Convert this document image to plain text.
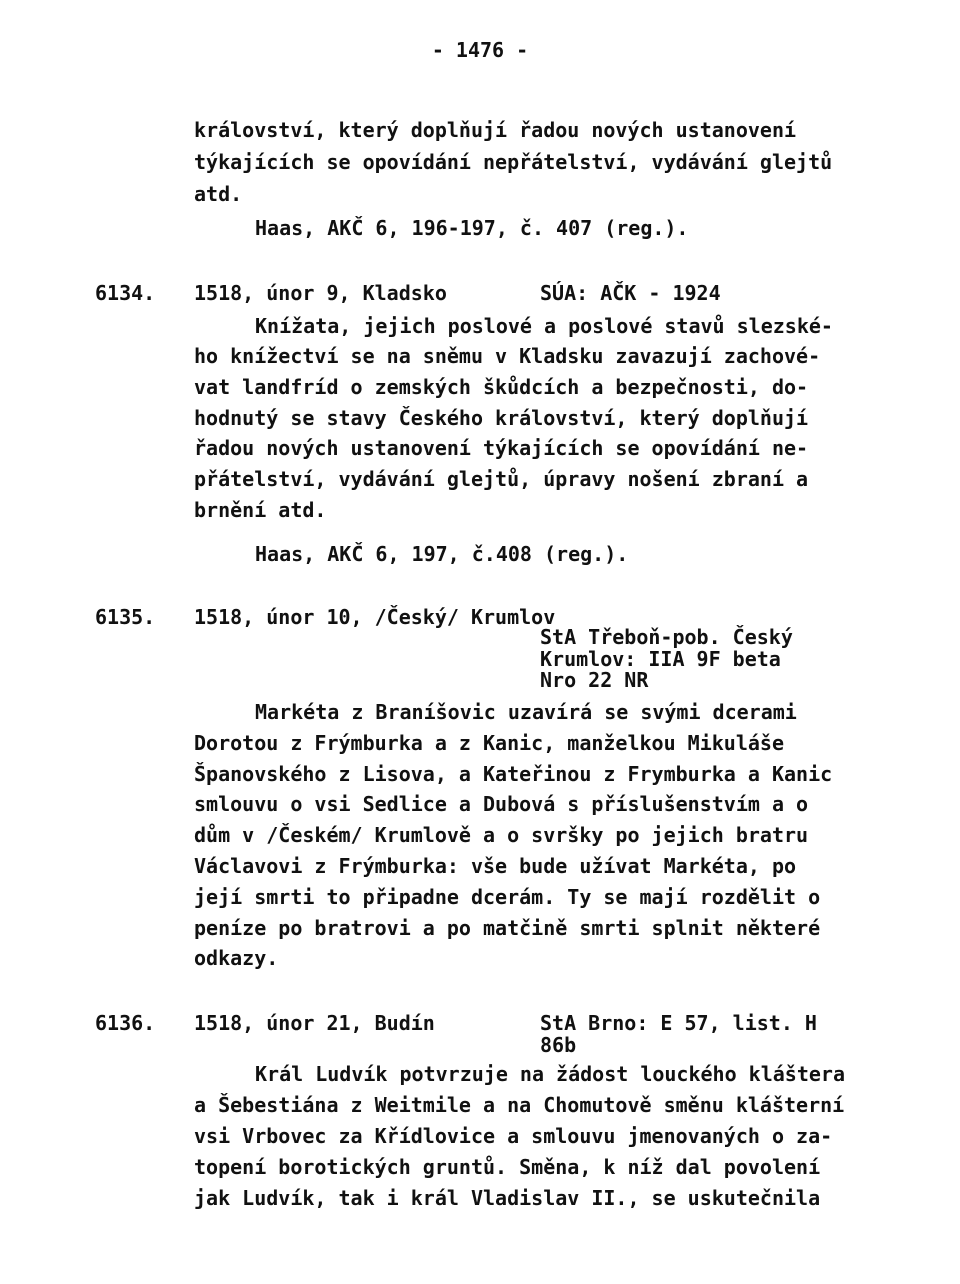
- 1476 -
království, který doplňují řadou nových ustanovení
týkajících se opovídání nepřátelství, vydávání glejtů
atd.
Haas, AKČ 6, 196-197, č. 407 (reg.).
6134. 1518, únor 9, Kladsko	SÚA: AČK - 1924
Knížata, jejich poslové a poslové stavů slezské-
ho knížectví se na sněmu v Kladsku zavazují zachové-
vat landfríd o zemských škůdcích a bezpečnosti, do-
hodnutý se stavy Českého království, který doplňují
řadou nových ustanovení týkajících se opovídání ne-
přátelství, vydávání glejtů, úpravy nošení zbraní a
brnění atd.
Haas, AKČ 6, 197, č.408 (reg.).
6135. 1518, únor 10, /Český/ Krumlov
StA Třeboň-pob. Český
Krumlov: IIA 9F beta
Nro 22 NR
Markéta z Braníšovic uzavírá se svými dcerami
Dorotou z Frýmburka a z Kanic, manželkou Mikuláše
Španovského z Lisova, a Kateřinou z Frymburka a Kanic
smlouvu o vsi Sedlice a Dubová s příslušenstvím a o
dům v /Českém/ Krumlově a o svršky po jejich bratru
Václavovi z Frýmburka: vše bude užívat Markéta, po
její smrti to připadne dcerám. Ty se mají rozdělit o
peníze po bratrovi a po matčině smrti splnit některé
odkazy.
6136. 1518, únor 21, Budín	StA Brno: E 57, list. H
86b
Král Ludvík potvrzuje na žádost louckého kláštera
a Šebestiána z Weitmile a na Chomutově směnu klášterní
vsi Vrbovec za Křídlovice a smlouvu jmenovaných o za-
topení borotických gruntů. Směna, k níž dal povolení
jak Ludvík, tak i král Vladislav II., se uskutečnila
